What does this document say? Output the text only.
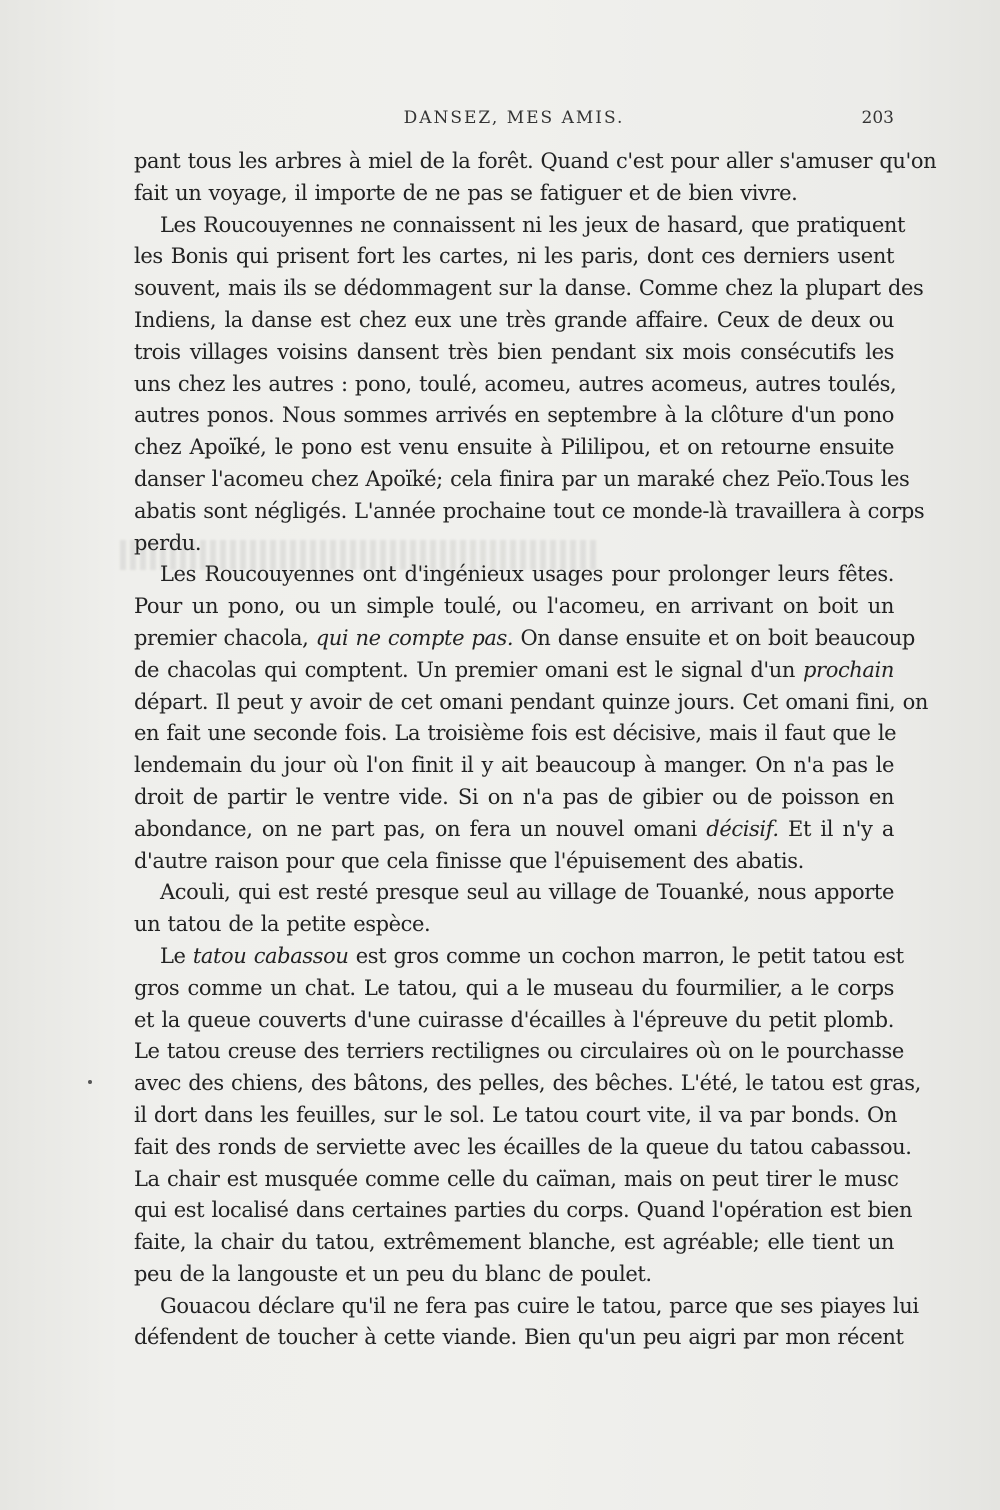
DANSEZ, MES AMIS.	203
pant tous les arbres à miel de la forêt. Quand c'est pour aller s'amuser qu'on
fait un voyage, il importe de ne pas se fatiguer et de bien vivre.
Les Roucouyennes ne connaissent ni les jeux de hasard, que pratiquent
les Bonis qui prisent fort les cartes, ni les paris, dont ces derniers usent
souvent, mais ils se dédommagent sur la danse. Comme chez la plupart des
Indiens, la danse est chez eux une très grande affaire. Ceux de deux ou
trois villages voisins dansent très bien pendant six mois consécutifs les
uns chez les autres : pono, toulé, acomeu, autres acomeus, autres toulés,
autres ponos. Nous sommes arrivés en septembre à la clôture d'un pono
chez Apoïké, le pono est venu ensuite à Pililipou, et on retourne ensuite
danser l'acomeu chez Apoïké; cela finira par un maraké chez Peïo.Tous les
abatis sont négligés. L'année prochaine tout ce monde-là travaillera à corps
perdu.
Les Roucouyennes ont d'ingénieux usages pour prolonger leurs fêtes.
Pour un pono, ou un simple toulé, ou l'acomeu, en arrivant on boit un
premier chacola, qui ne compte pas. On danse ensuite et on boit beaucoup
de chacolas qui comptent. Un premier omani est le signal d'un prochain
départ. Il peut y avoir de cet omani pendant quinze jours. Cet omani fini, on
en fait une seconde fois. La troisième fois est décisive, mais il faut que le
lendemain du jour où l'on finit il y ait beaucoup à manger. On n'a pas le
droit de partir le ventre vide. Si on n'a pas de gibier ou de poisson en
abondance, on ne part pas, on fera un nouvel omani décisif. Et il n'y a
d'autre raison pour que cela finisse que l'épuisement des abatis.
Acouli, qui est resté presque seul au village de Touanké, nous apporte
un tatou de la petite espèce.
Le tatou cabassou est gros comme un cochon marron, le petit tatou est
gros comme un chat. Le tatou, qui a le museau du fourmilier, a le corps
et la queue couverts d'une cuirasse d'écailles à l'épreuve du petit plomb.
Le tatou creuse des terriers rectilignes ou circulaires où on le pourchasse
avec des chiens, des bâtons, des pelles, des bêches. L'été, le tatou est gras,
il dort dans les feuilles, sur le sol. Le tatou court vite, il va par bonds. On
fait des ronds de serviette avec les écailles de la queue du tatou cabassou.
La chair est musquée comme celle du caïman, mais on peut tirer le musc
qui est localisé dans certaines parties du corps. Quand l'opération est bien
faite, la chair du tatou, extrêmement blanche, est agréable; elle tient un
peu de la langouste et un peu du blanc de poulet.
Gouacou déclare qu'il ne fera pas cuire le tatou, parce que ses piayes lui
défendent de toucher à cette viande. Bien qu'un peu aigri par mon récent
